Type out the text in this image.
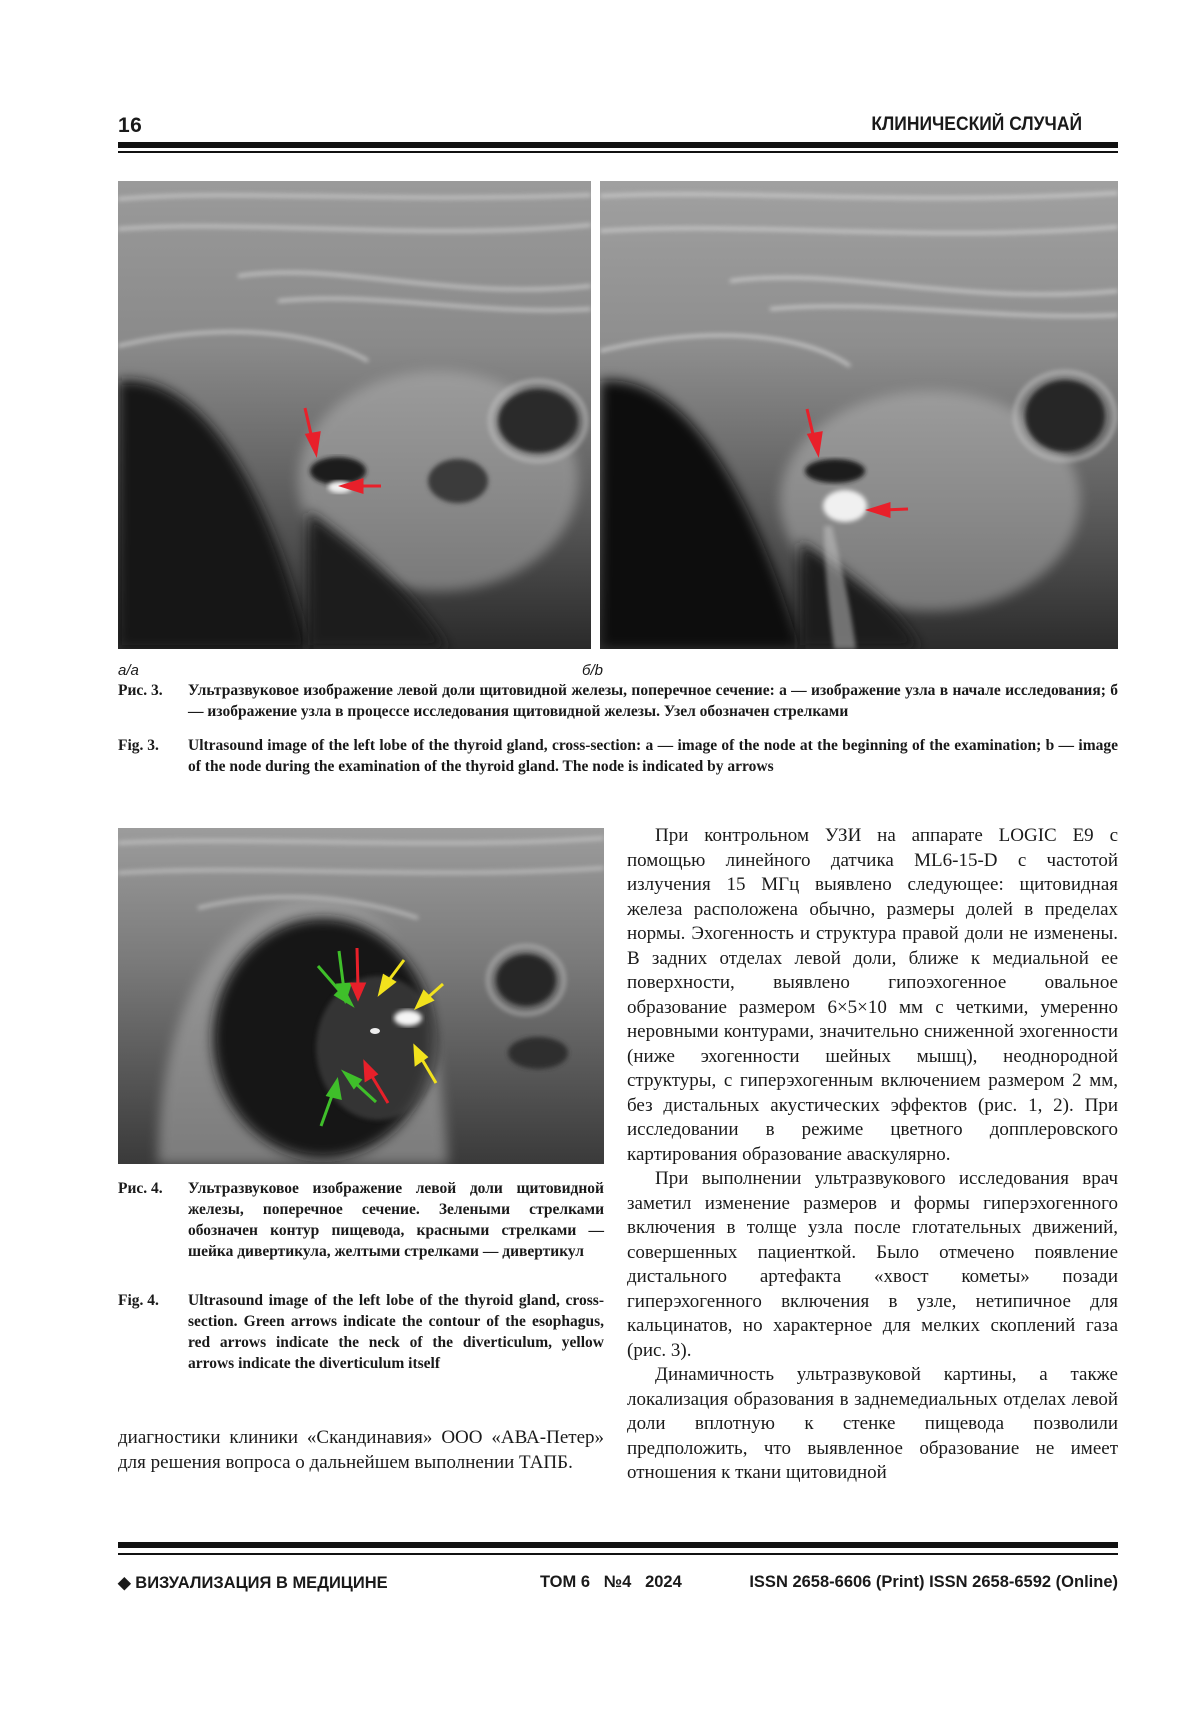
16	КЛИНИЧЕСКИЙ СЛУЧАЙ
а/a	б/b
Рис. 3. Ультразвуковое изображение левой доли щитовидной железы, поперечное сечение: а — изображение узла в начале исследования; б — изображение узла в процессе исследования щитовидной железы. Узел обозначен стрелками
Fig. 3. Ultrasound image of the left lobe of the thyroid gland, cross-section: a — image of the node at the beginning of the examination; b — image of the node during the examination of the thyroid gland. The node is indicated by arrows
Рис. 4. Ультразвуковое изображение левой доли щитовидной железы, поперечное сечение. Зелеными стрелками обозначен контур пищевода, красными стрелками — шейка дивертикула, желтыми стрелками — дивертикул
Fig. 4. Ultrasound image of the left lobe of the thyroid gland, cross-section. Green arrows indicate the contour of the esophagus, red arrows indicate the neck of the diverticulum, yellow arrows indicate the diverticulum itself

диагностики клиники «Скандинавия» ООО «АВА-Петер» для решения вопроса о дальнейшем выполнении ТАПБ.

При контрольном УЗИ на аппарате LOGIC E9 с помощью линейного датчика ML6-15-D с частотой излучения 15 МГц выявлено следующее: щитовидная железа расположена обычно, размеры долей в пределах нормы. Эхогенность и структура правой доли не изменены. В задних отделах левой доли, ближе к медиальной ее поверхности, выявлено гипоэхогенное овальное образование размером 6×5×10 мм с четкими, умеренно неровными контурами, значительно сниженной эхогенности (ниже эхогенности шейных мышц), неоднородной структуры, с гиперэхогенным включением размером 2 мм, без дистальных акустических эффектов (рис. 1, 2). При исследовании в режиме цветного допплеровского картирования образование аваскулярно.

При выполнении ультразвукового исследования врач заметил изменение размеров и формы гиперэхогенного включения в толще узла после глотательных движений, совершенных пациенткой. Было отмечено появление дистального артефакта «хвост кометы» позади гиперэхогенного включения в узле, нетипичное для кальцинатов, но характерное для мелких скоплений газа (рис. 3).

Динамичность ультразвуковой картины, а также локализация образования в заднемедиальных отделах левой доли вплотную к стенке пищевода позволили предположить, что выявленное образование не имеет отношения к ткани щитовидной

◆ ВИЗУАЛИЗАЦИЯ В МЕДИЦИНЕ	ТОМ 6   №4   2024	ISSN 2658-6606 (Print) ISSN 2658-6592 (Online)
